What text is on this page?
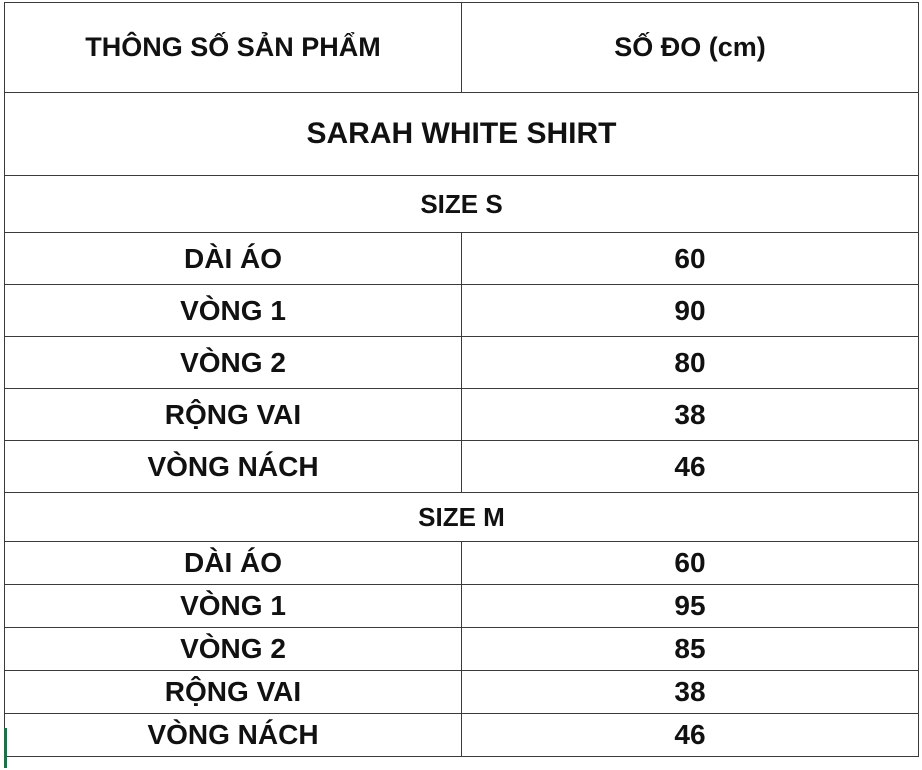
THÔNG SỐ SẢN PHẨM	SỐ ĐO (cm)
SARAH WHITE SHIRT	
SIZE S	
DÀI ÁO	60
VÒNG 1	90
VÒNG 2	80
RỘNG VAI	38
VÒNG NÁCH	46
SIZE M	
DÀI ÁO	60
VÒNG 1	95
VÒNG 2	85
RỘNG VAI	38
VÒNG NÁCH	46
